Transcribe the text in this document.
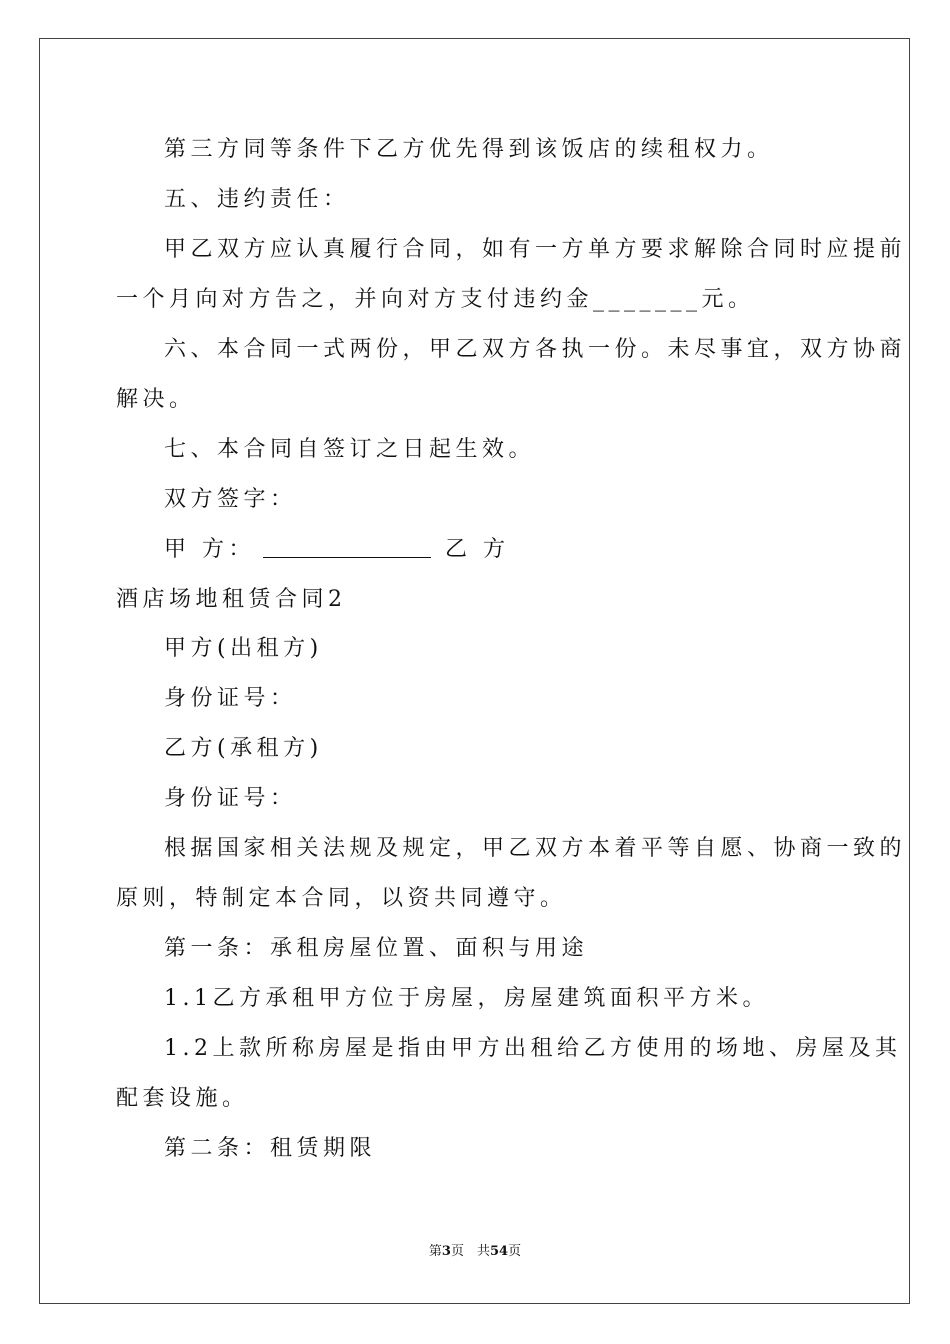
第三方同等条件下乙方优先得到该饭店的续租权力。
五、违约责任：
甲乙双方应认真履行合同，如有一方单方要求解除合同时应提前
一个月向对方告之，并向对方支付违约金_______元。
六、本合同一式两份，甲乙双方各执一份。未尽事宜，双方协商
解决。
七、本合同自签订之日起生效。
双方签字：
甲 方：	乙 方
酒店场地租赁合同2
甲方(出租方)
身份证号：
乙方(承租方)
身份证号：
根据国家相关法规及规定，甲乙双方本着平等自愿、协商一致的
原则，特制定本合同，以资共同遵守。
第一条：承租房屋位置、面积与用途
1.1乙方承租甲方位于房屋，房屋建筑面积平方米。
1.2上款所称房屋是指由甲方出租给乙方使用的场地、房屋及其
配套设施。
第二条：租赁期限
第3页　共54页
